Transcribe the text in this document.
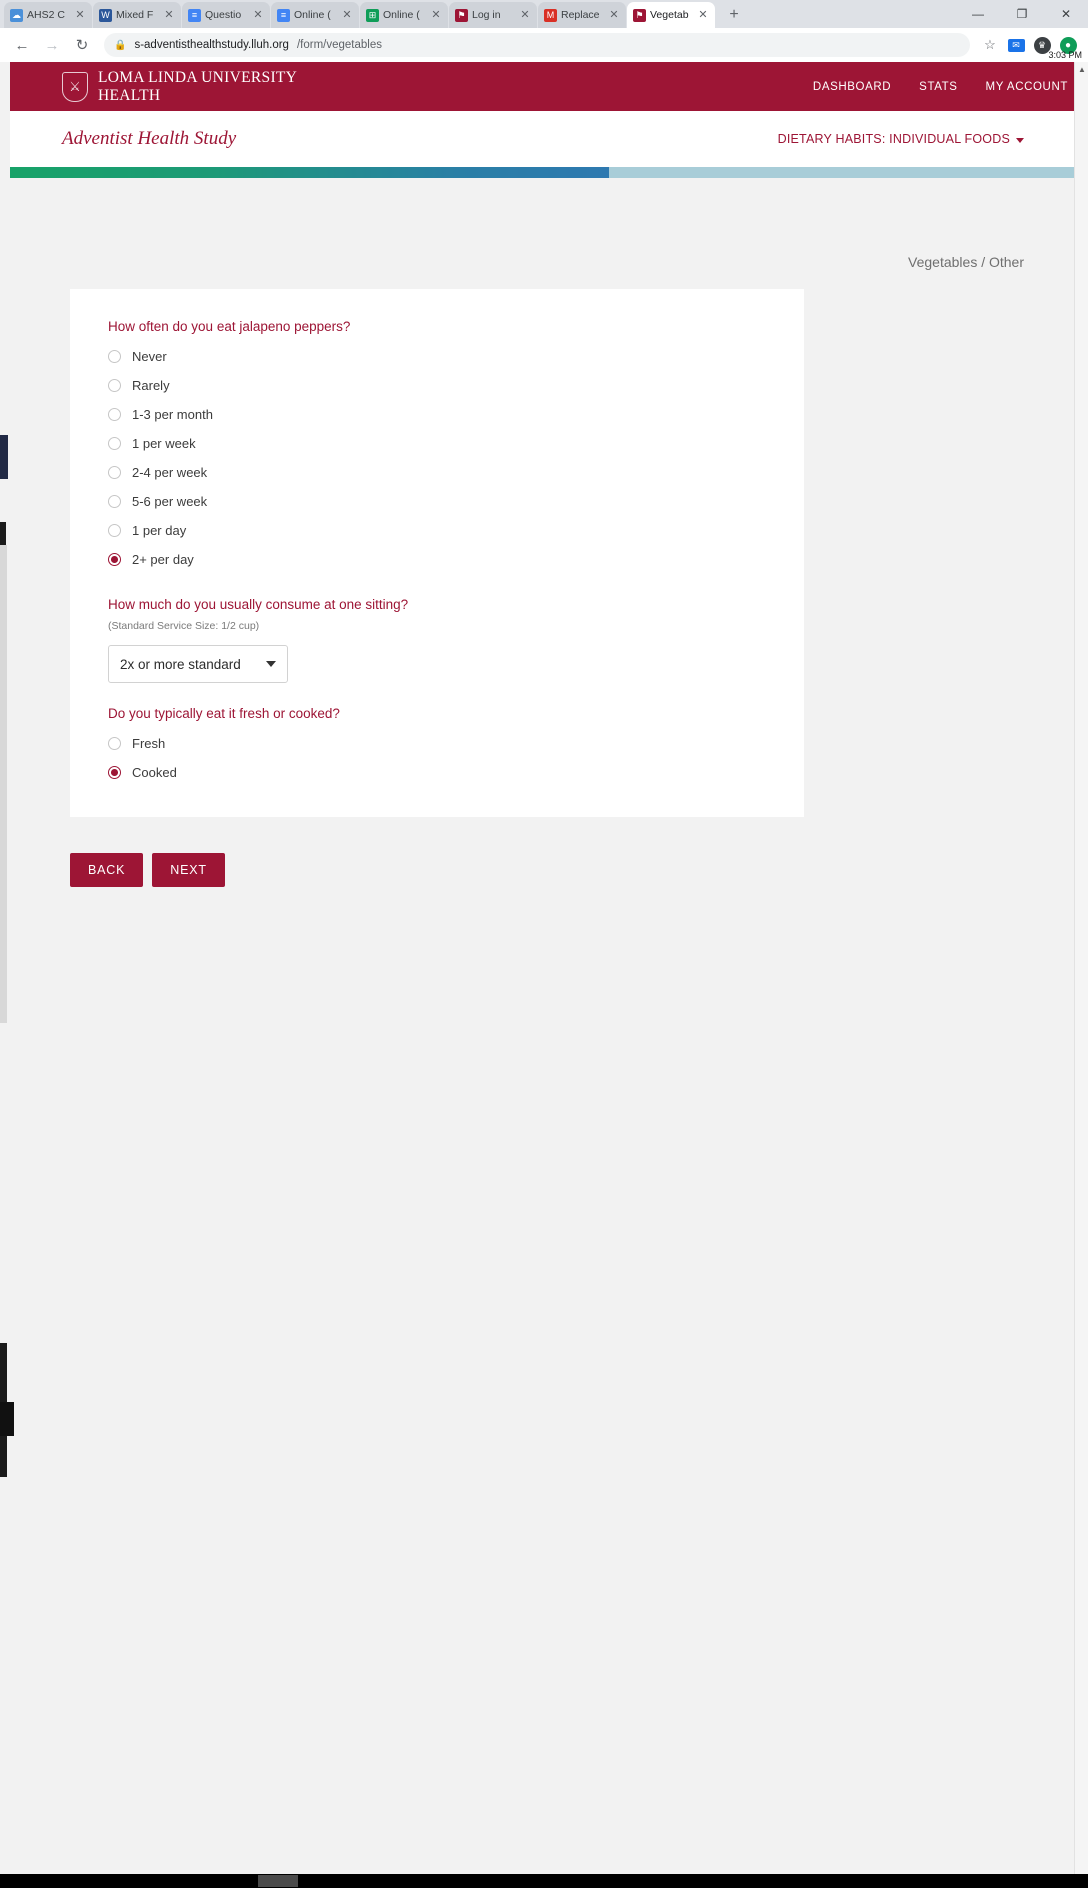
☁ AHS2 C ✕ W Mixed F	✕	≡ Questio	✕	≡ Online (	✕	⊞ Online (	✕ ⚑ Log in	✕	M Replace ✕ ⚑ Vegetab ✕	+	—	❐	✕
←	→	↻	🔒 s-adventisthealthstudy.lluh.org /form/vegetables	☆	✉	♛	●
⚔
LOMA LINDA UNIVERSITY
HEALTH	DASHBOARD STATS MY ACCOUNT
Adventist Health Study	DIETARY HABITS: INDIVIDUAL FOODS
Vegetables / Other
How often do you eat jalapeno peppers?
Never
Rarely
1-3 per month
1 per week
2-4 per week
5-6 per week
1 per day
2+ per day
How much do you usually consume at one sitting?
(Standard Service Size: 1/2 cup)
2x or more standard
Do you typically eat it fresh or cooked?
Fresh
Cooked
BACK	NEXT
▲
3:03 PM
